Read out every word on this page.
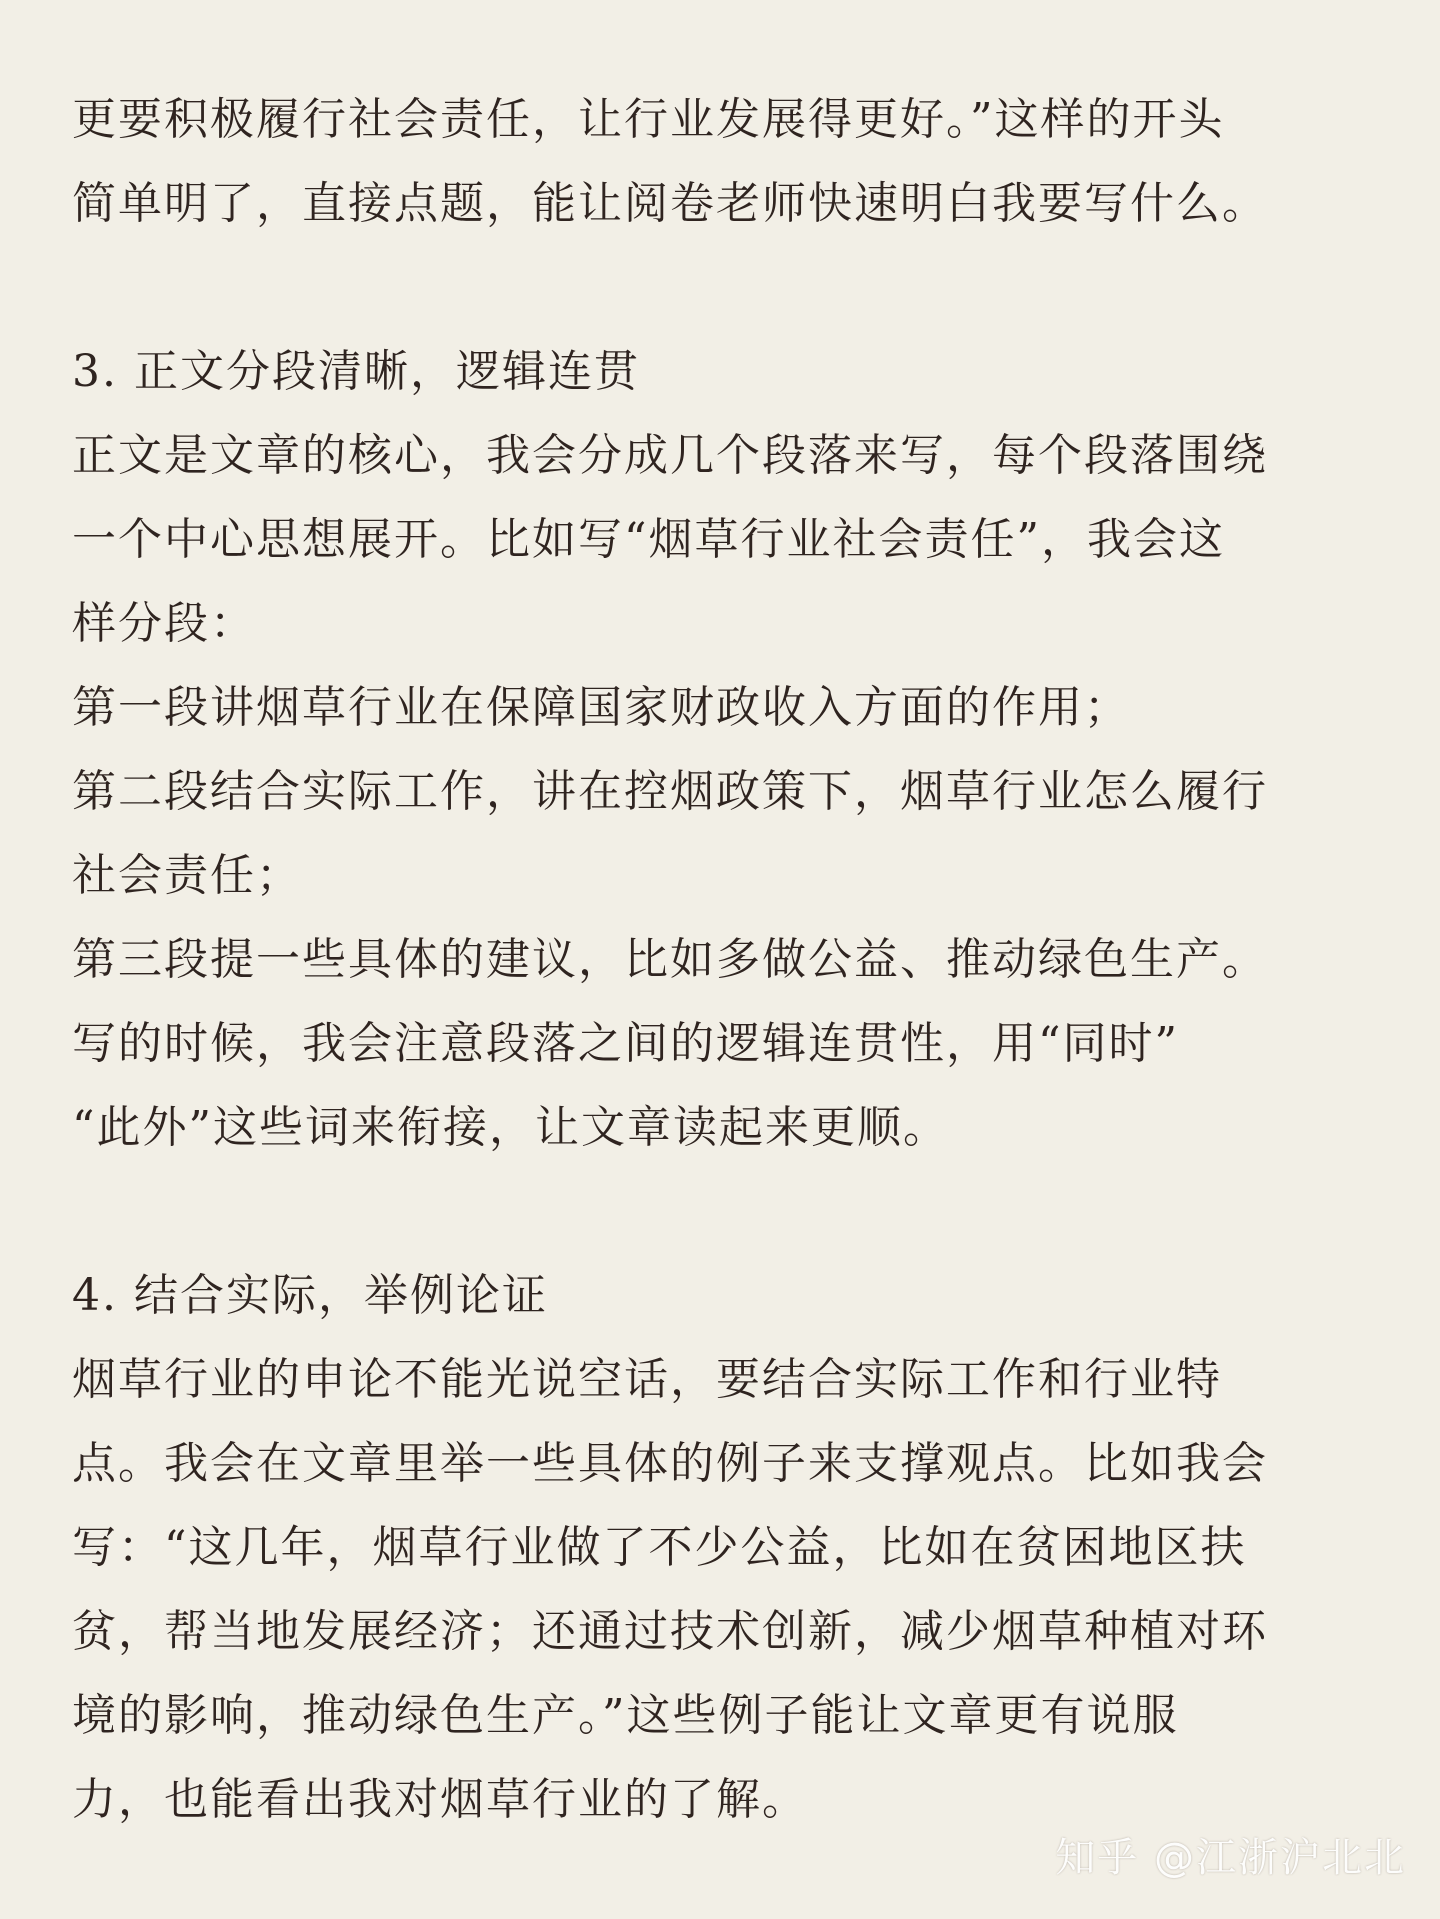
更要积极履行社会责任，让行业发展得更好。”这样的开头
简单明了，直接点题，能让阅卷老师快速明白我要写什么。
3. 正文分段清晰，逻辑连贯
正文是文章的核心，我会分成几个段落来写，每个段落围绕
一个中心思想展开。比如写“烟草行业社会责任”，我会这
样分段：
第一段讲烟草行业在保障国家财政收入方面的作用；
第二段结合实际工作，讲在控烟政策下，烟草行业怎么履行
社会责任；
第三段提一些具体的建议，比如多做公益、推动绿色生产。
写的时候，我会注意段落之间的逻辑连贯性，用“同时”
“此外”这些词来衔接，让文章读起来更顺。
4. 结合实际，举例论证
烟草行业的申论不能光说空话，要结合实际工作和行业特
点。我会在文章里举一些具体的例子来支撑观点。比如我会
写：“这几年，烟草行业做了不少公益，比如在贫困地区扶
贫，帮当地发展经济；还通过技术创新，减少烟草种植对环
境的影响，推动绿色生产。”这些例子能让文章更有说服
力，也能看出我对烟草行业的了解。
知乎 @江浙沪北北
